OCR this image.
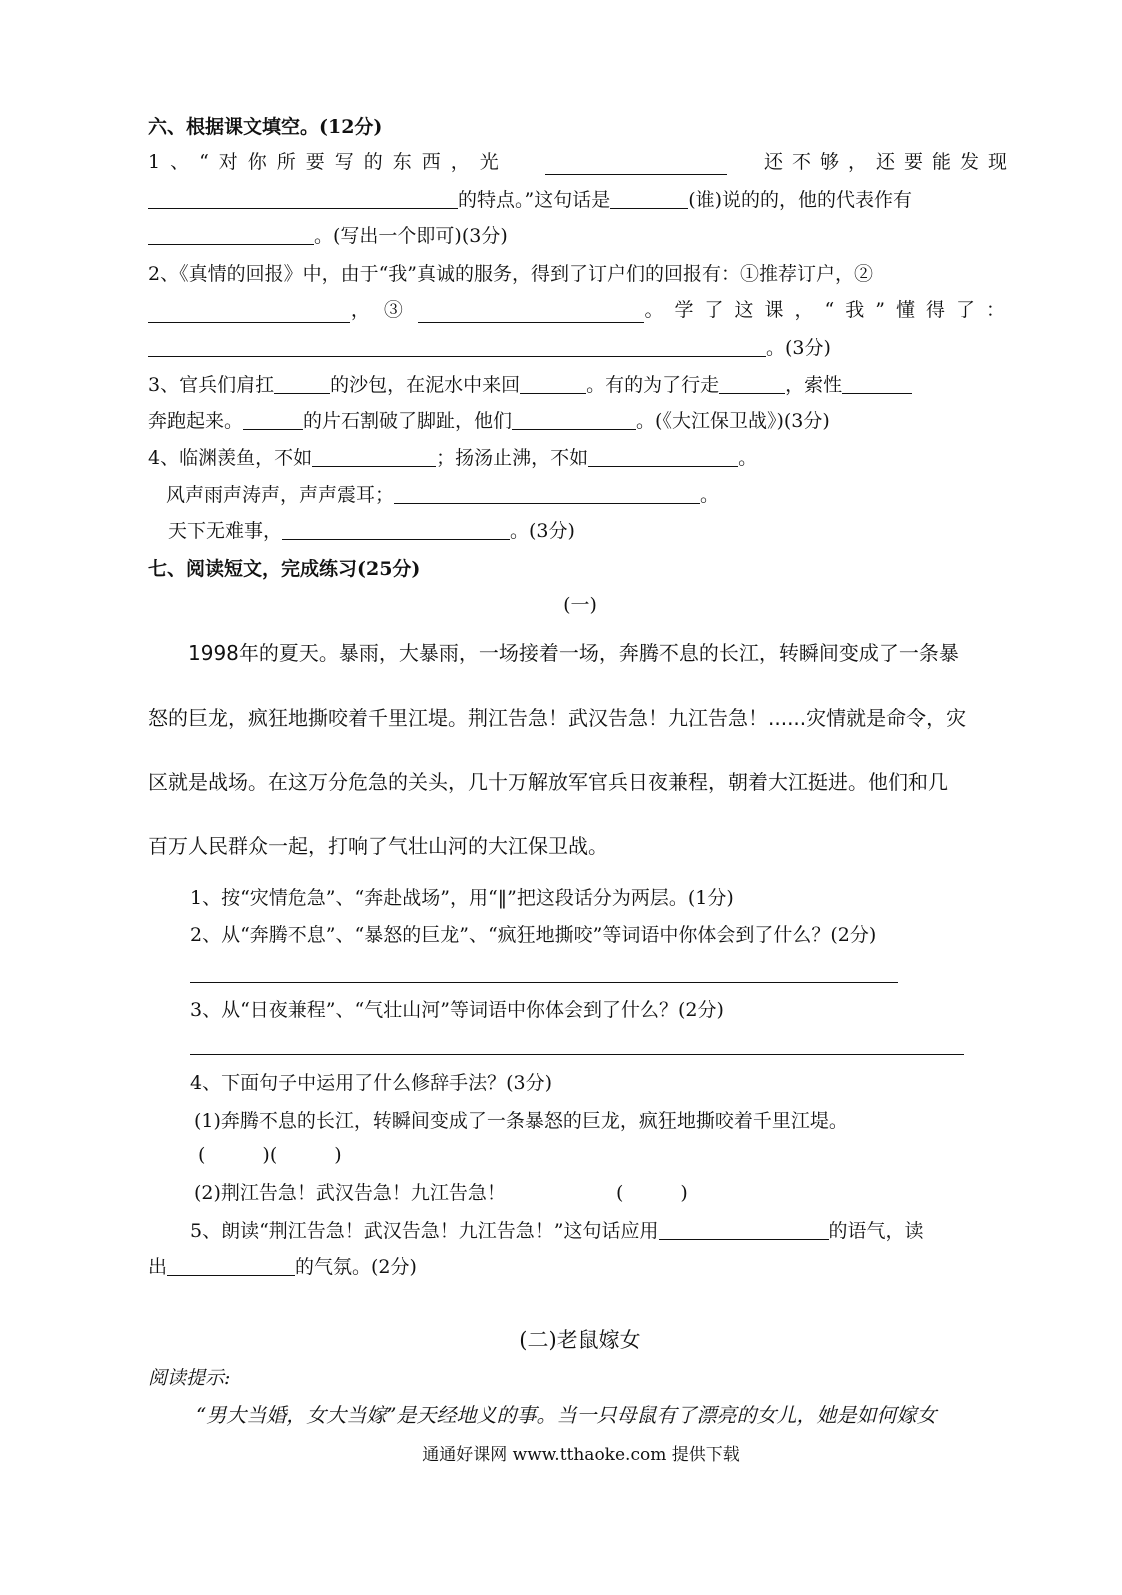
六、根据课文填空。(12分)
1、“对你所要写的东西，光	还不够，还要能发现
的特点。”这句话是	(谁)说的的，他的代表作有
。(写出一个即可)(3分)
2、《真情的回报》中，由于“我”真诚的服务，得到了订户们的回报有：①推荐订户，②
，③	。学了这课，“我”懂得了：
。(3分)
3、官兵们肩扛	的沙包，在泥水中来回	。有的为了行走	，索性
奔跑起来。	的片石割破了脚趾，他们	。(《大江保卫战》)(3分)
4、临渊羡鱼，不如	；扬汤止沸，不如	。
风声雨声涛声，声声震耳；	。
天下无难事，	。(3分)
七、阅读短文，完成练习(25分)
(一)
1998年的夏天。暴雨，大暴雨，一场接着一场，奔腾不息的长江，转瞬间变成了一条暴
怒的巨龙，疯狂地撕咬着千里江堤。荆江告急！武汉告急！九江告急！......灾情就是命令，灾
区就是战场。在这万分危急的关头，几十万解放军官兵日夜兼程，朝着大江挺进。他们和几
百万人民群众一起，打响了气壮山河的大江保卫战。
1、按“灾情危急”、“奔赴战场”，用“‖”把这段话分为两层。(1分)
2、从“奔腾不息”、“暴怒的巨龙”、“疯狂地撕咬”等词语中你体会到了什么？(2分)
3、从“日夜兼程”、“气壮山河”等词语中你体会到了什么？(2分)
4、下面句子中运用了什么修辞手法？(3分)
(1)奔腾不息的长江，转瞬间变成了一条暴怒的巨龙，疯狂地撕咬着千里江堤。
(　　　)(　　　)
(2)荆江告急！武汉告急！九江告急！	(　　　)
5、朗读“荆江告急！武汉告急！九江告急！”这句话应用	的语气，读
出	的气氛。(2分)
(二)老鼠嫁女
阅读提示:
“男大当婚，女大当嫁”是天经地义的事。当一只母鼠有了漂亮的女儿，她是如何嫁女
通通好课网 www.tthaoke.com 提供下载
